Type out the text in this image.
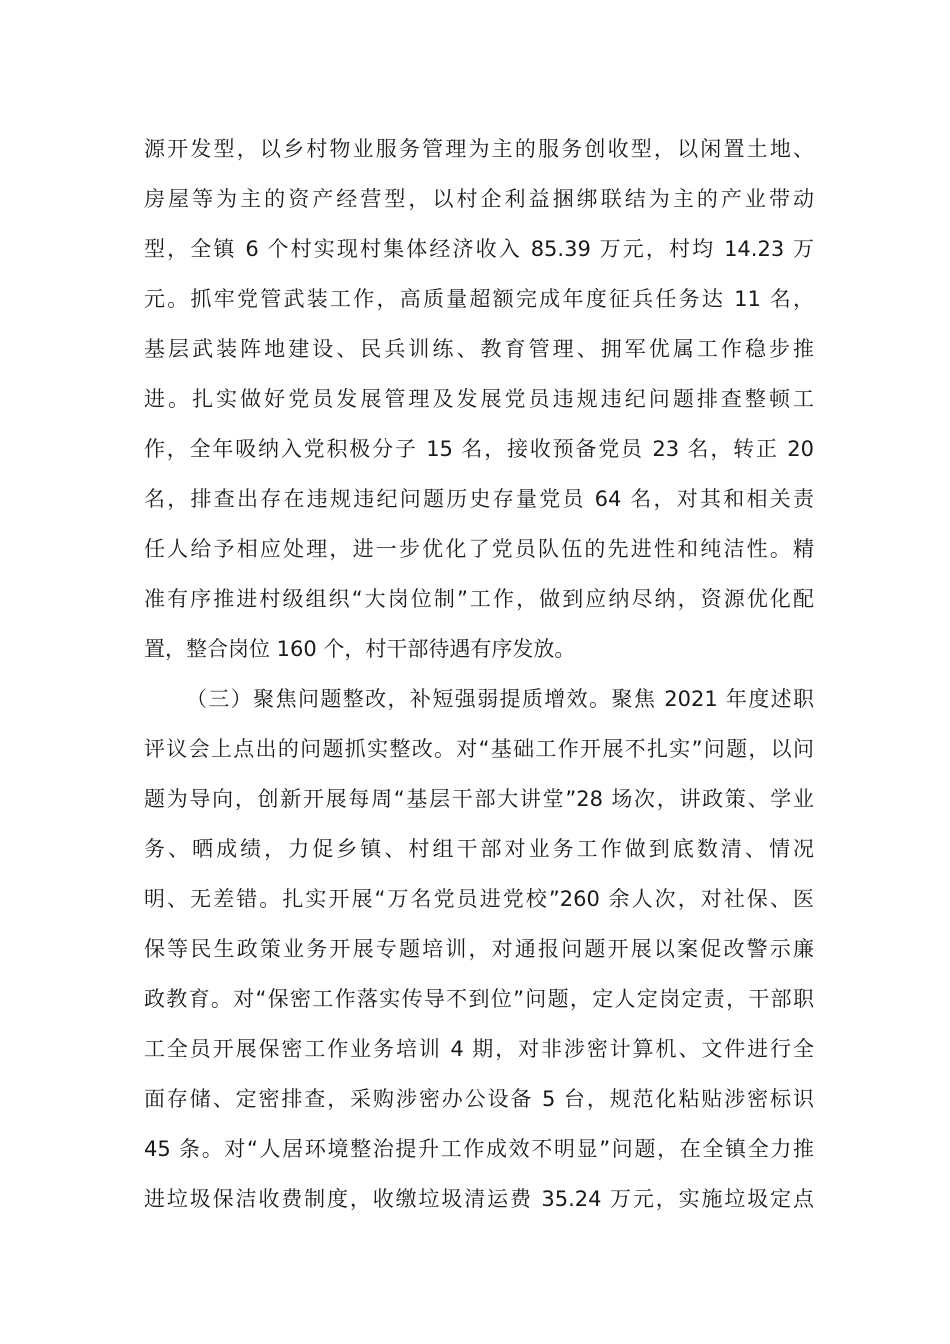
源开发型，以乡村物业服务管理为主的服务创收型，以闲置土地、
房屋等为主的资产经营型，以村企利益捆绑联结为主的产业带动
型，全镇 6 个村实现村集体经济收入 85.39 万元，村均 14.23 万
元。抓牢党管武装工作，高质量超额完成年度征兵任务达 11 名，
基层武装阵地建设、民兵训练、教育管理、拥军优属工作稳步推
进。扎实做好党员发展管理及发展党员违规违纪问题排查整顿工
作，全年吸纳入党积极分子 15 名，接收预备党员 23 名，转正 20
名，排查出存在违规违纪问题历史存量党员 64 名，对其和相关责
任人给予相应处理，进一步优化了党员队伍的先进性和纯洁性。精
准有序推进村级组织“大岗位制”工作，做到应纳尽纳，资源优化配
置，整合岗位 160 个，村干部待遇有序发放。
（三）聚焦问题整改，补短强弱提质增效。聚焦 2021 年度述职
评议会上点出的问题抓实整改。对“基础工作开展不扎实”问题，以问
题为导向，创新开展每周“基层干部大讲堂”28 场次，讲政策、学业
务、晒成绩，力促乡镇、村组干部对业务工作做到底数清、情况
明、无差错。扎实开展“万名党员进党校”260 余人次，对社保、医
保等民生政策业务开展专题培训，对通报问题开展以案促改警示廉
政教育。对“保密工作落实传导不到位”问题，定人定岗定责，干部职
工全员开展保密工作业务培训 4 期，对非涉密计算机、文件进行全
面存储、定密排查，采购涉密办公设备 5 台，规范化粘贴涉密标识
45 条。对“人居环境整治提升工作成效不明显”问题，在全镇全力推
进垃圾保洁收费制度，收缴垃圾清运费 35.24 万元，实施垃圾定点
